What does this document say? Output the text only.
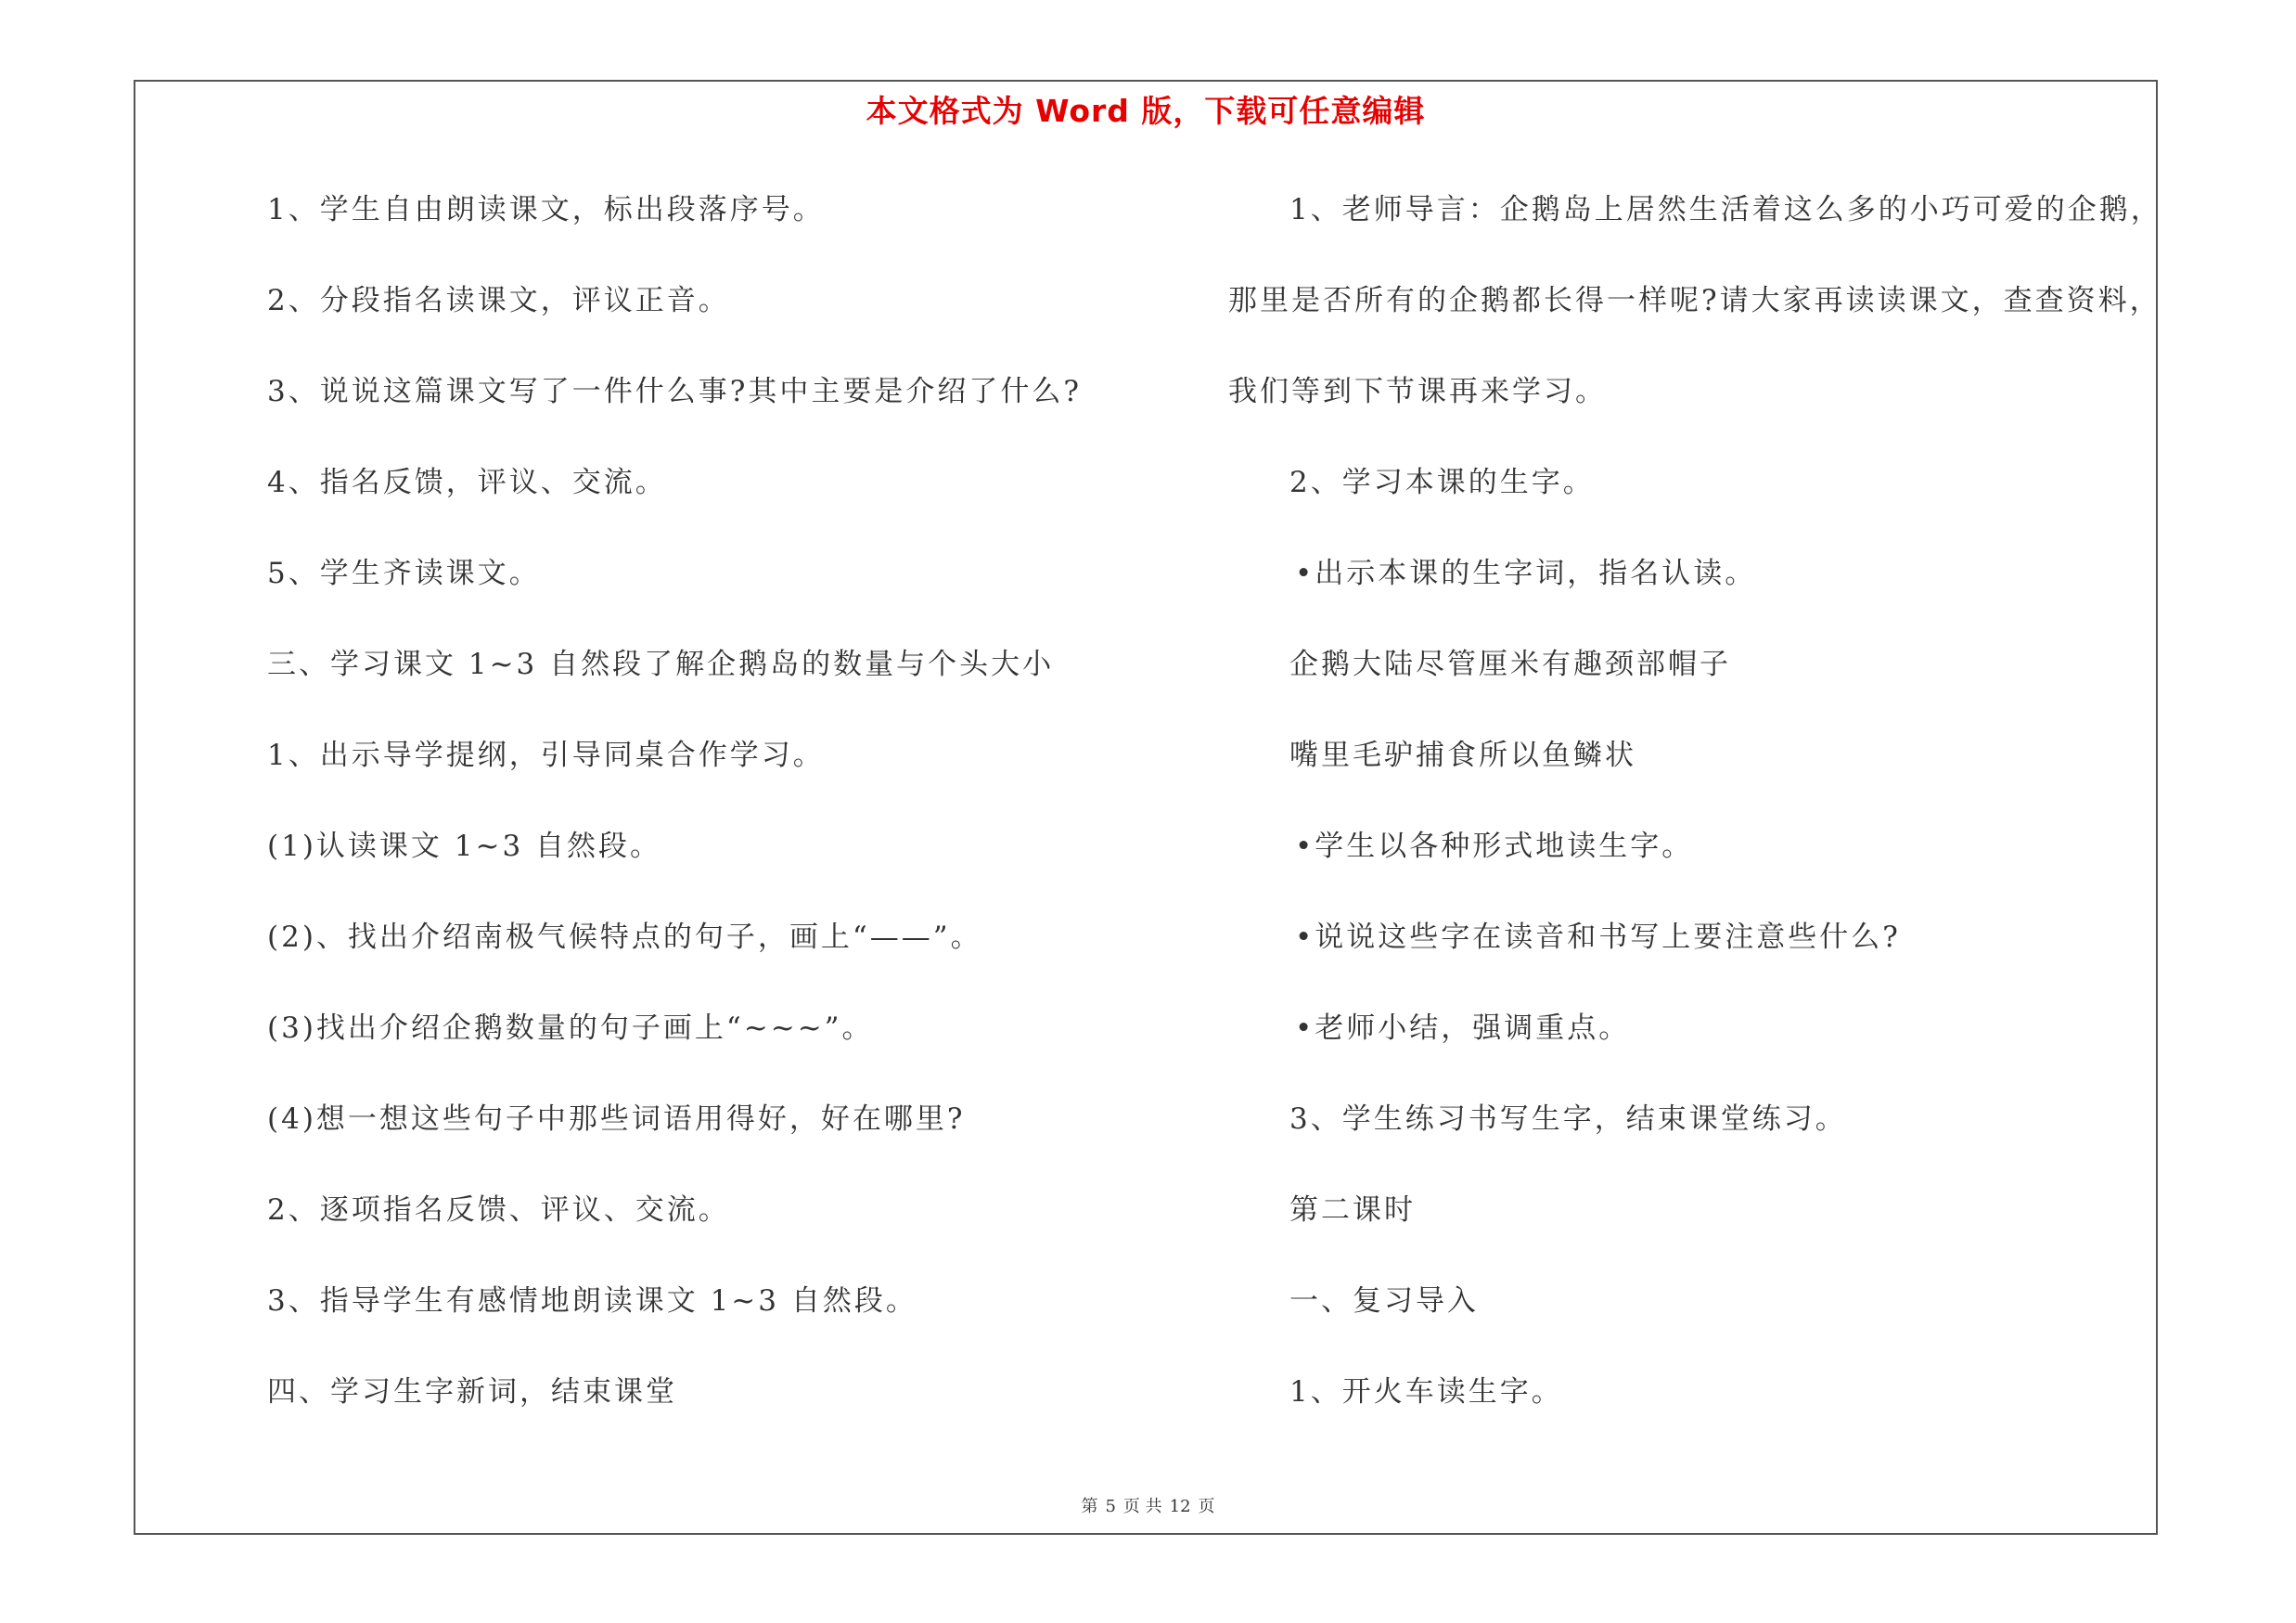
本文格式为 Word 版，下载可任意编辑
1、学生自由朗读课文，标出段落序号。
2、分段指名读课文，评议正音。
3、说说这篇课文写了一件什么事?其中主要是介绍了什么?
4、指名反馈，评议、交流。
5、学生齐读课文。
三、学习课文 1~3 自然段了解企鹅岛的数量与个头大小
1、出示导学提纲，引导同桌合作学习。
(1)认读课文 1~3 自然段。
(2)、找出介绍南极气候特点的句子，画上“——”。
(3)找出介绍企鹅数量的句子画上“~~~”。
(4)想一想这些句子中那些词语用得好，好在哪里?
2、逐项指名反馈、评议、交流。
3、指导学生有感情地朗读课文 1~3 自然段。
四、学习生字新词，结束课堂
1、老师导言：企鹅岛上居然生活着这么多的小巧可爱的企鹅，
那里是否所有的企鹅都长得一样呢?请大家再读读课文，查查资料，
我们等到下节课再来学习。
2、学习本课的生字。
•出示本课的生字词，指名认读。
企鹅大陆尽管厘米有趣颈部帽子
嘴里毛驴捕食所以鱼鳞状
•学生以各种形式地读生字。
•说说这些字在读音和书写上要注意些什么?
•老师小结，强调重点。
3、学生练习书写生字，结束课堂练习。
第二课时
一、复习导入
1、开火车读生字。
第 5 页 共 12 页
